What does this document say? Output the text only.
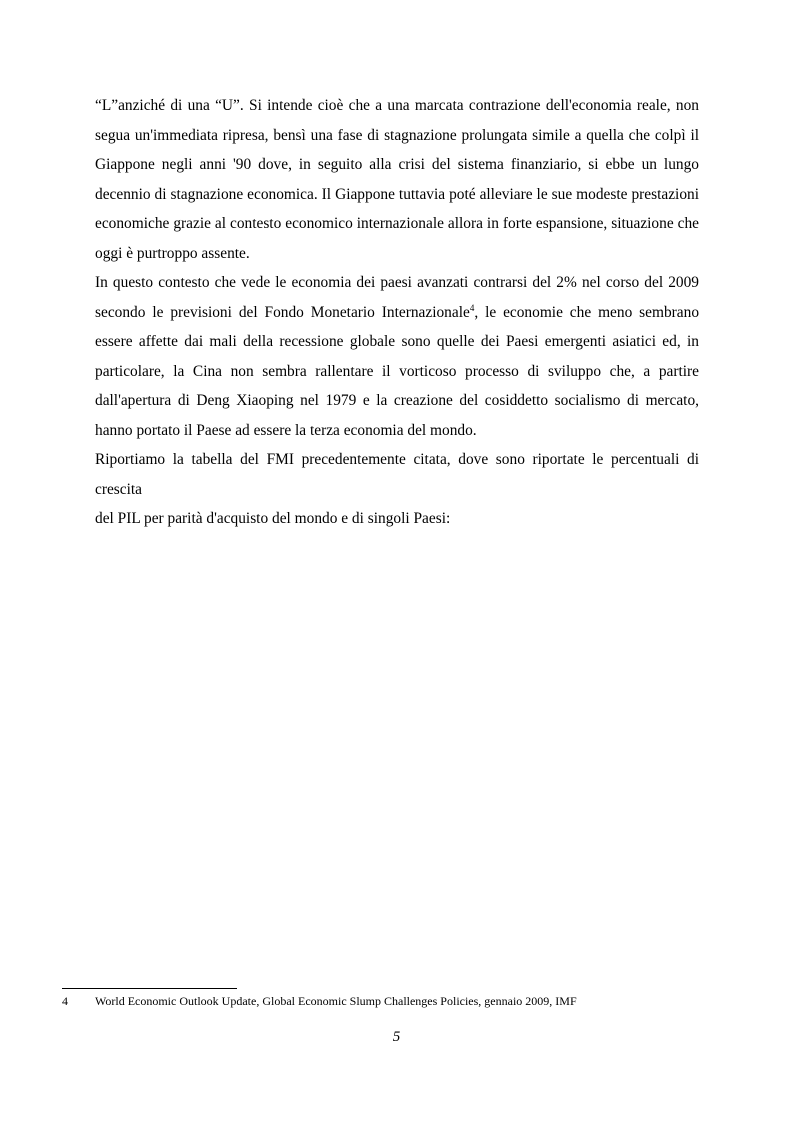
“L”anziché di una “U”. Si intende cioè che a una marcata contrazione dell'economia reale, non segua un'immediata ripresa, bensì una fase di stagnazione prolungata simile a quella che colpì il Giappone negli anni '90 dove, in seguito alla crisi del sistema finanziario, si ebbe un lungo decennio di stagnazione economica. Il Giappone tuttavia poté alleviare le sue modeste prestazioni economiche grazie al contesto economico internazionale allora in forte espansione, situazione che oggi è purtroppo assente.

In questo contesto che vede le economia dei paesi avanzati contrarsi del 2% nel corso del 2009 secondo le previsioni del Fondo Monetario Internazionale$^4$, le economie che meno sembrano essere affette dai mali della recessione globale sono quelle dei Paesi emergenti asiatici ed, in particolare, la Cina non sembra rallentare il vorticoso processo di sviluppo che, a partire dall'apertura di Deng Xiaoping nel 1979 e la creazione del cosiddetto socialismo di mercato, hanno portato il Paese ad essere la terza economia del mondo.

Riportiamo la tabella del FMI precedentemente citata, dove sono riportate le percentuali di crescita

del PIL per parità d'acquisto del mondo e di singoli Paesi:

4 World Economic Outlook Update, Global Economic Slump Challenges Policies, gennaio 2009, IMF
5
